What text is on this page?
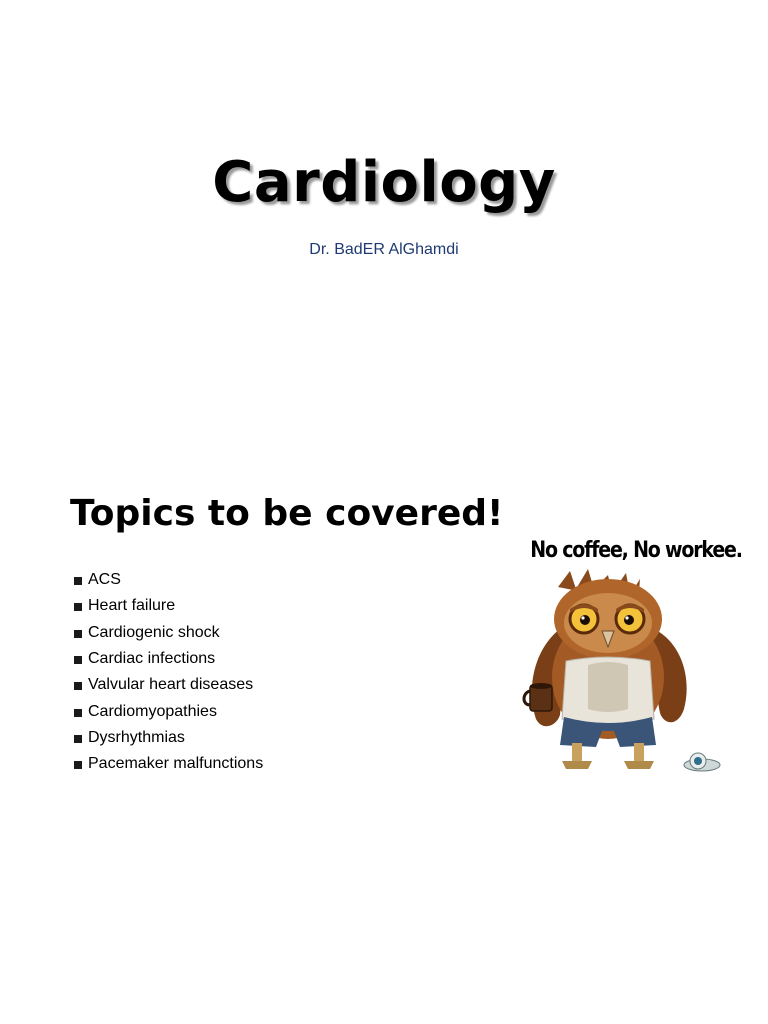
Cardiology
Dr. BadER AlGhamdi
Topics to be covered!
ACS
Heart failure
Cardiogenic shock
Cardiac infections
Valvular heart diseases
Cardiomyopathies
Dysrhythmias
Pacemaker malfunctions
No coffee, No workee.
